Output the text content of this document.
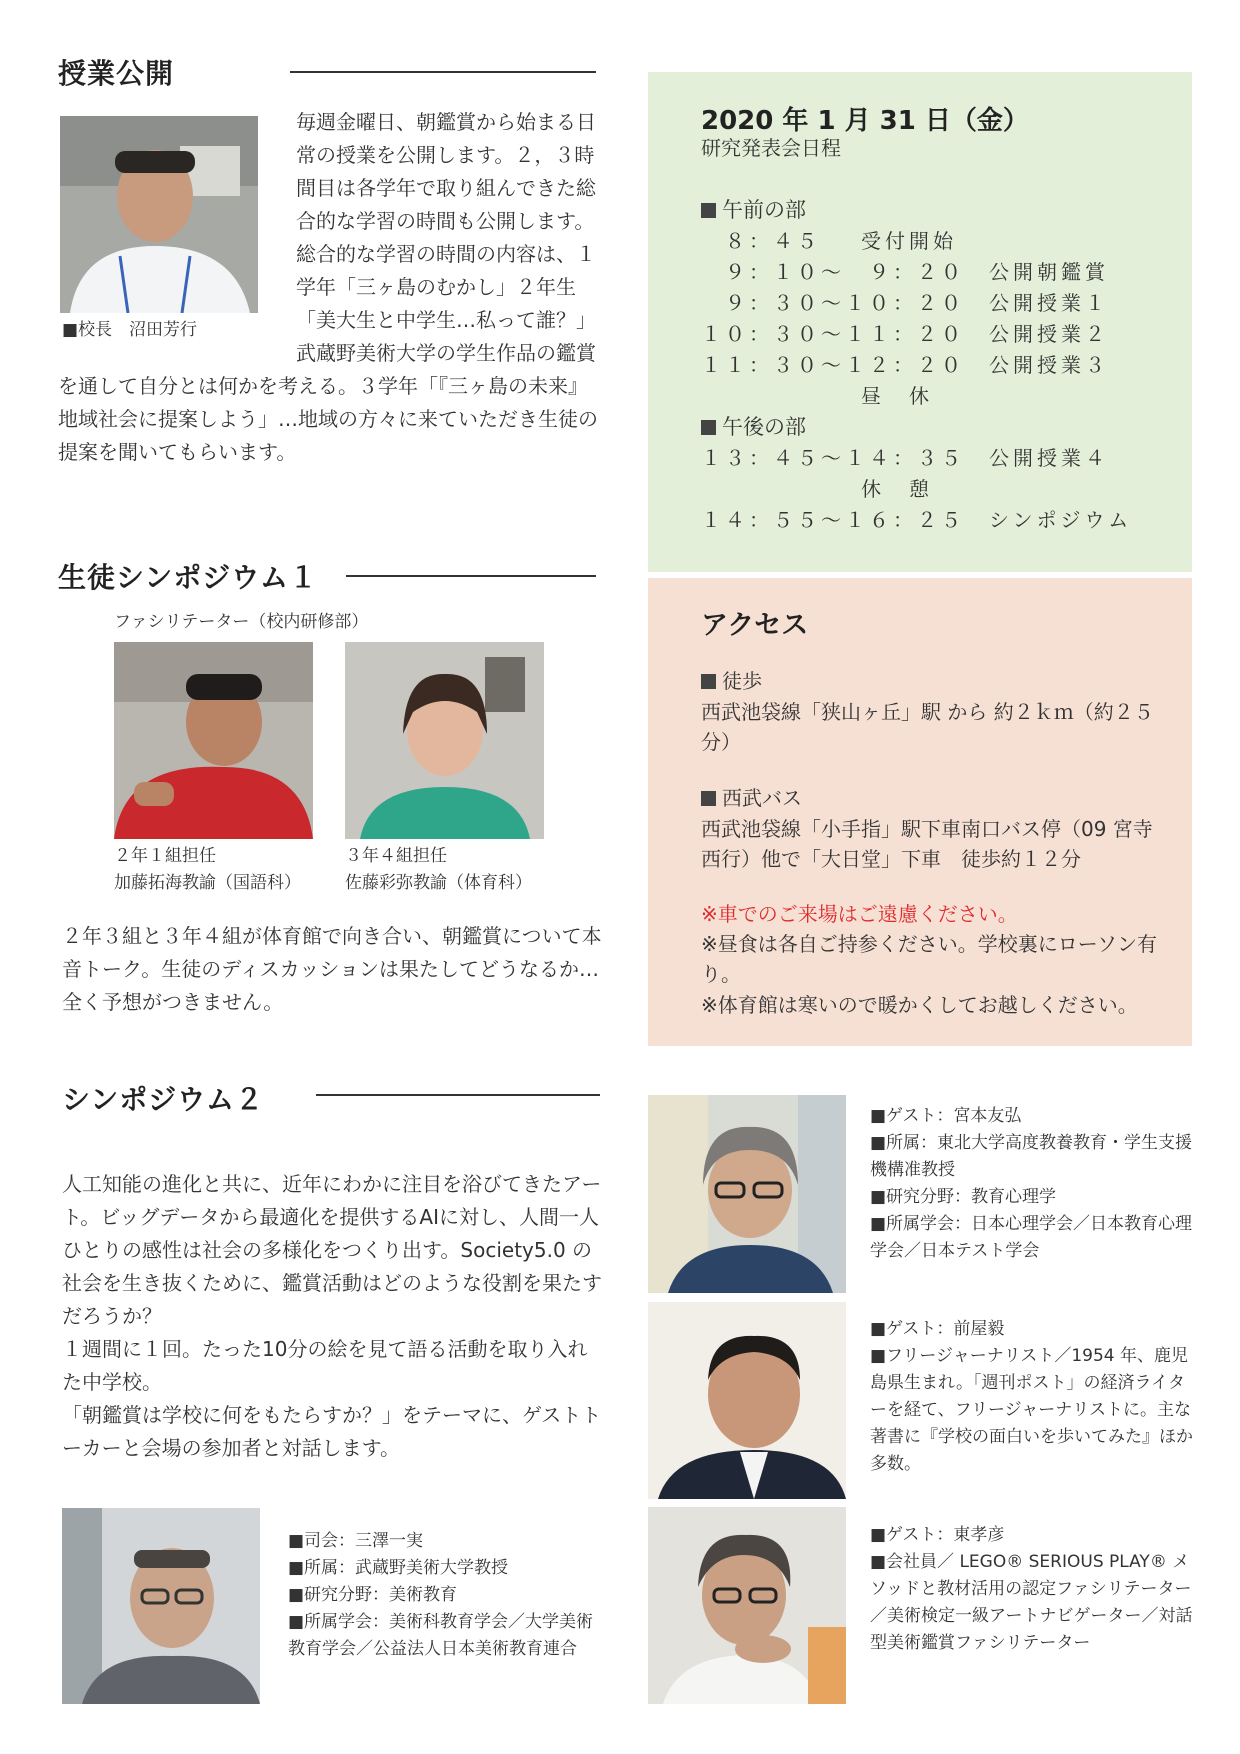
授業公開
■校長　沼田芳行
毎週金曜日、朝鑑賞から始まる日常の授業を公開します。２，３時間目は各学年で取り組んできた総合的な学習の時間も公開します。総合的な学習の時間の内容は、１学年「三ヶ島のむかし」２年生「美大生と中学生…私って誰？」武蔵野美術大学の学生作品の鑑賞を通して自分とは何かを考える。３学年「『三ヶ島の未来』地域社会に提案しよう」…地域の方々に来ていただき生徒の提案を聞いてもらいます。
生徒シンポジウム１
ファシリテーター（校内研修部）
２年１組担任
加藤拓海教諭（国語科）
３年４組担任
佐藤彩弥教諭（体育科）
２年３組と３年４組が体育館で向き合い、朝鑑賞について本音トーク。生徒のディスカッションは果たしてどうなるか…　全く予想がつきません。
シンポジウム２
人工知能の進化と共に、近年にわかに注目を浴びてきたアート。ビッグデータから最適化を提供するAIに対し、人間一人ひとりの感性は社会の多様化をつくり出す。Society5.0 の社会を生き抜くために、鑑賞活動はどのような役割を果たすだろうか？
１週間に１回。たった10分の絵を見て語る活動を取り入れた中学校。
「朝鑑賞は学校に何をもたらすか？」をテーマに、ゲストトーカーと会場の参加者と対話します。
■司会：三澤一実
■所属：武蔵野美術大学教授
■研究分野：美術教育
■所属学会：美術科教育学会／大学美術教育学会／公益法人日本美術教育連合
2020 年 1 月 31 日（金）
研究発表会日程
午前の部
　８：４５　 受付開始
　９：１０～　９：２０　公開朝鑑賞
　９：３０～１０：２０　公開授業１
１０：３０～１１：２０　公開授業２
１１：３０～１２：２０　公開授業３
　　　　　　 昼　休
午後の部
１３：４５～１４：３５　公開授業４
　　　　　　 休　憩
１４：５５～１６：２５　シンポジウム
アクセス
徒歩
西武池袋線「狭山ヶ丘」駅 から 約２ｋｍ（約２５分）
西武バス
西武池袋線「小手指」駅下車南口バス停（09 宮寺西行）他で「大日堂」下車　徒歩約１２分
※車でのご来場はご遠慮ください。
※昼食は各自ご持参ください。学校裏にローソン有り。
※体育館は寒いので暖かくしてお越しください。
■ゲスト：宮本友弘
■所属：東北大学高度教養教育・学生支援機構准教授
■研究分野：教育心理学
■所属学会：日本心理学会／日本教育心理学会／日本テスト学会
■ゲスト：前屋毅
■フリージャーナリスト／1954 年、鹿児島県生まれ。「週刊ポスト」の経済ライターを経て、フリージャーナリストに。主な著書に『学校の面白いを歩いてみた』ほか多数。
■ゲスト：東孝彦
■会社員／ LEGO® SERIOUS PLAY® メソッドと教材活用の認定ファシリテーター／美術検定一級アートナビゲーター／対話型美術鑑賞ファシリテーター
